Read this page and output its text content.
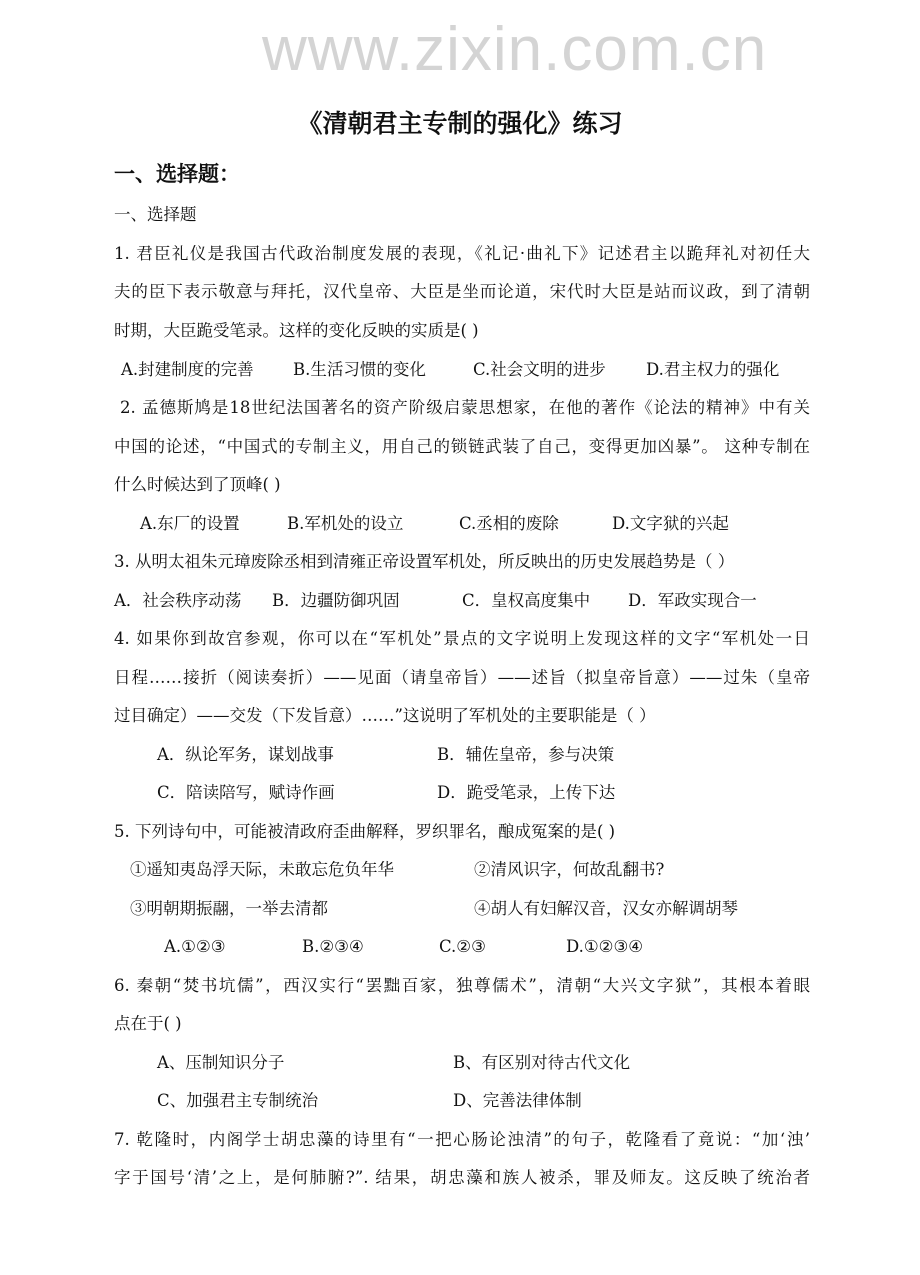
www.zixin.com.cn
《清朝君主专制的强化》练习
一、选择题：
一、选择题
1. 君臣礼仪是我国古代政治制度发展的表现，《礼记·曲礼下》记述君主以跪拜礼对初任大
夫的臣下表示敬意与拜托，汉代皇帝、大臣是坐而论道，宋代时大臣是站而议政，到了清朝
时期，大臣跪受笔录。这样的变化反映的实质是( )
A.封建制度的完善 B.生活习惯的变化	C.社会文明的进步 D.君主权力的强化
2. 孟德斯鸠是18世纪法国著名的资产阶级启蒙思想家，在他的著作《论法的精神》中有关
中国的论述，“中国式的专制主义，用自己的锁链武装了自己，变得更加凶暴”。 这种专制在
什么时候达到了顶峰( )
A.东厂的设置	B.军机处的设立	C.丞相的废除	D.文字狱的兴起
3. 从明太祖朱元璋废除丞相到清雍正帝设置军机处，所反映出的历史发展趋势是（ ）
A．社会秩序动荡 B．边疆防御巩固	C．皇权高度集中 D．军政实现合一
4. 如果你到故宫参观，你可以在“军机处”景点的文字说明上发现这样的文字“军机处一日
日程……接折（阅读奏折）——见面（请皇帝旨）——述旨（拟皇帝旨意）——过朱（皇帝
过目确定）——交发（下发旨意）……”这说明了军机处的主要职能是（ ）
A．纵论军务，谋划战事	B．辅佐皇帝，参与决策
C．陪读陪写，赋诗作画	D．跪受笔录，上传下达
5. 下列诗句中，可能被清政府歪曲解释，罗织罪名，酿成冤案的是( )
①遥知夷岛浮天际，未敢忘危负年华	②清风识字，何故乱翻书?
③明朝期振翮，一举去清都	④胡人有妇解汉音，汉女亦解调胡琴
A.①②③	B.②③④	C.②③	D.①②③④
6. 秦朝“焚书坑儒”，西汉实行“罢黜百家，独尊儒术”，清朝“大兴文字狱”，其根本着眼
点在于( )
A、压制知识分子	B、有区别对待古代文化
C、加强君主专制统治	D、完善法律体制
7. 乾隆时，内阁学士胡忠藻的诗里有“一把心肠论浊清”的句子，乾隆看了竟说：“加‘浊’
字于国号‘清’之上，是何肺腑?”. 结果，胡忠藻和族人被杀，罪及师友。这反映了统治者
